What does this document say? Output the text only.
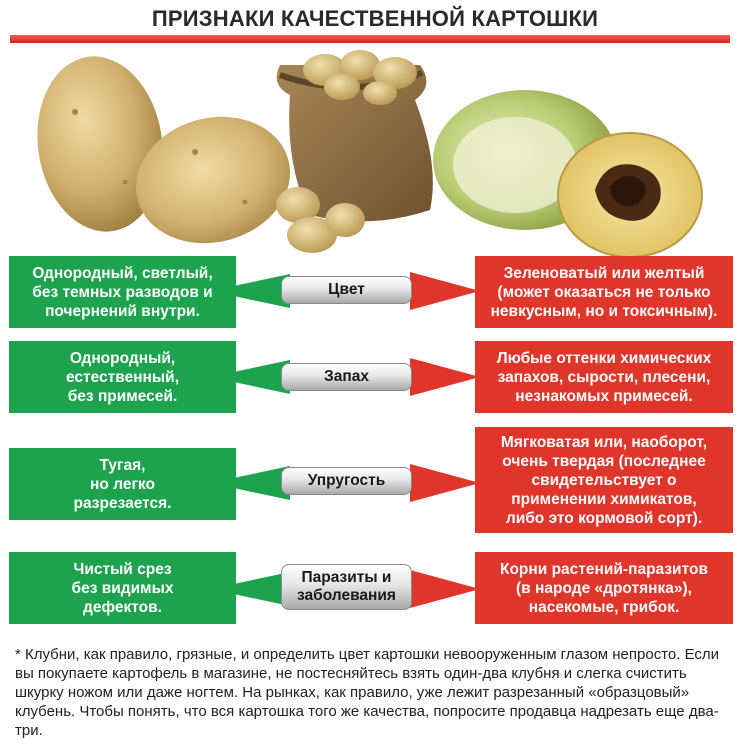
ПРИЗНАКИ КАЧЕСТВЕННОЙ КАРТОШКИ
Однородный, светлый,
без темных разводов и
почернений внутри.
Цвет
Зеленоватый или желтый
(может оказаться не только
невкусным, но и токсичным).
Однородный,
естественный,
без примесей.
Запах
Любые оттенки химических
запахов, сырости, плесени,
незнакомых примесей.
Тугая,
но легко
разрезается.
Упругость
Мягковатая или, наоборот,
очень твердая (последнее
свидетельствует о
применении химикатов,
либо это кормовой сорт).
Чистый срез
без видимых
дефектов.
Паразиты и
заболевания
Корни растений-паразитов
(в народе «дротянка»),
насекомые, грибок.
* Клубни, как правило, грязные, и определить цвет картошки невооруженным глазом непросто. Если вы покупаете картофель в магазине, не постесняйтесь взять один-два клубня и слегка счистить шкурку ножом или даже ногтем. На рынках, как правило, уже лежит разрезанный «образцовый» клубень. Чтобы понять, что вся картошка того же качества, попросите продавца надрезать еще два-три.
